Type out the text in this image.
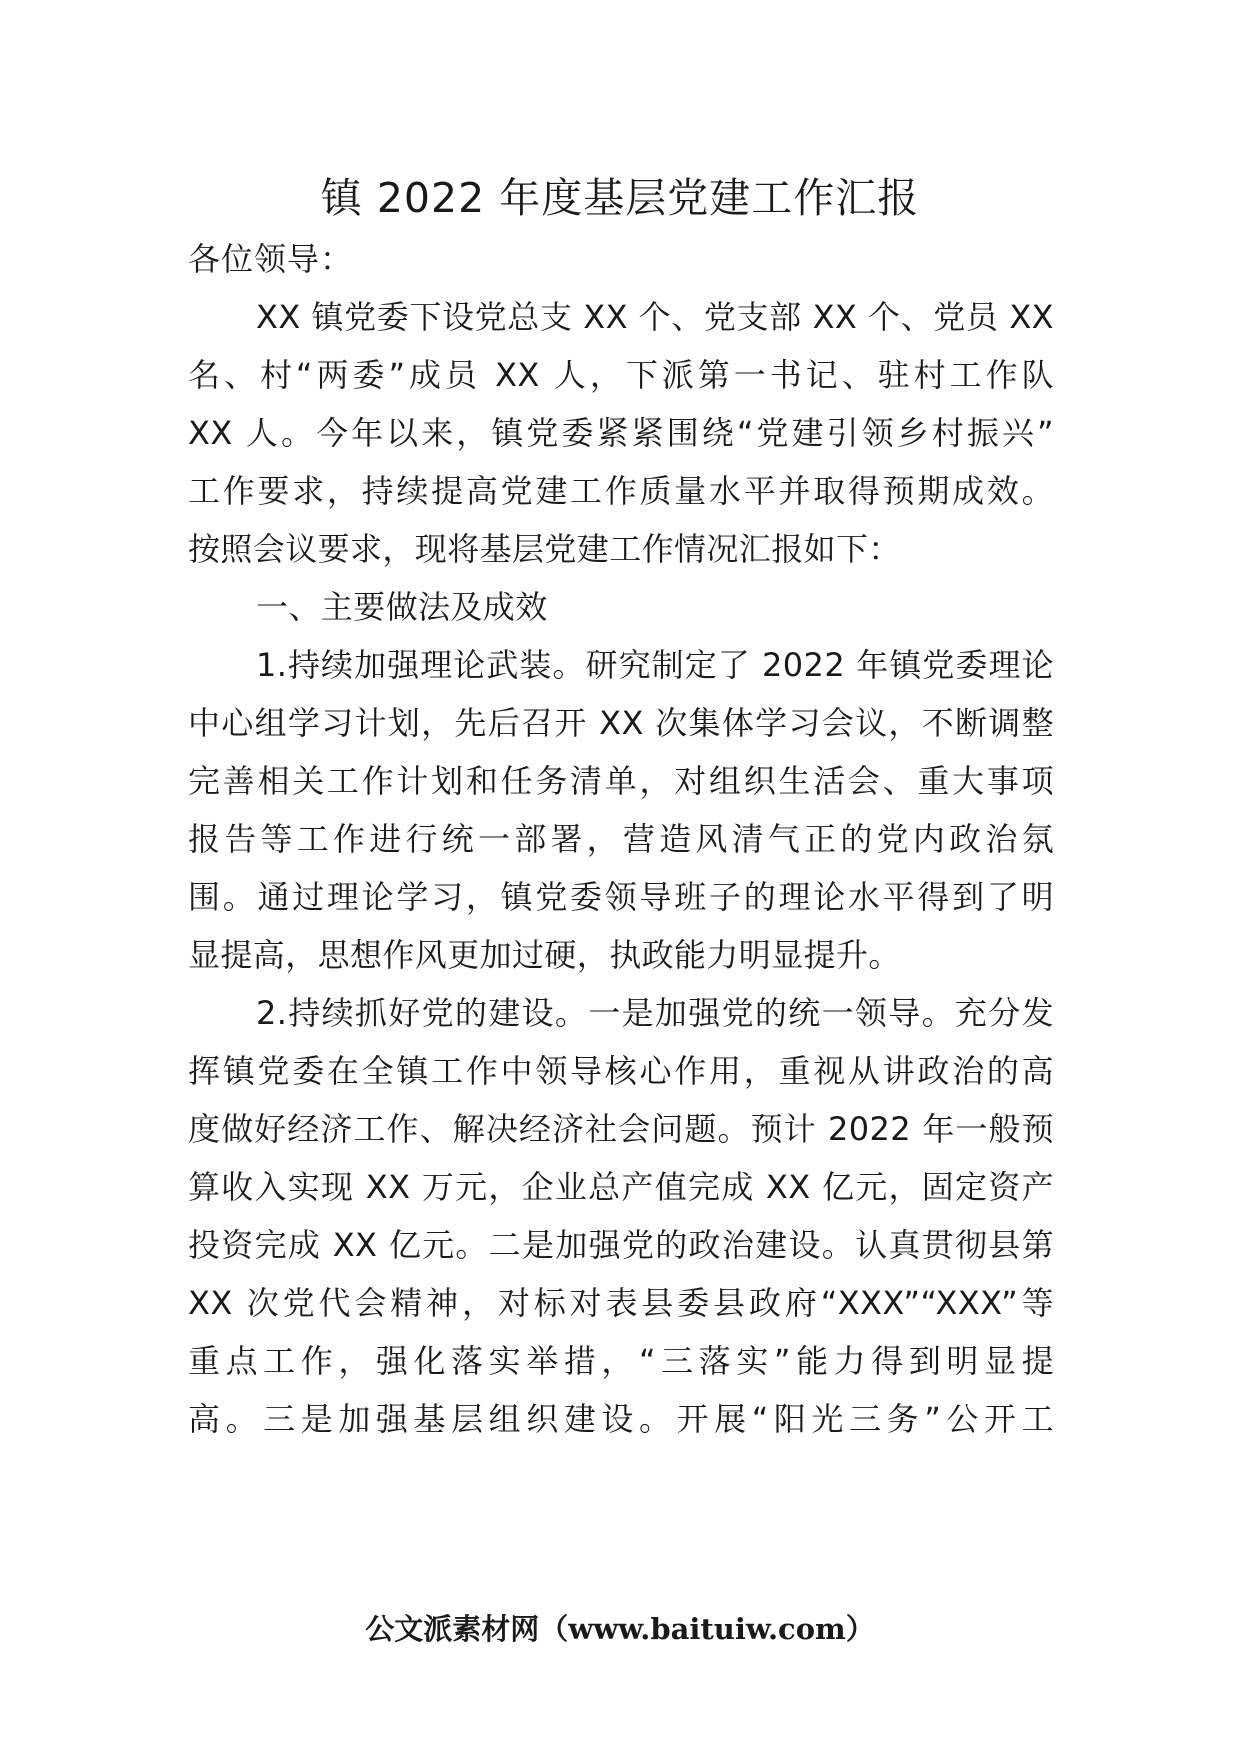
镇 2022 年度基层党建工作汇报
各位领导：
XX 镇党委下设党总支 XX 个、党支部 XX 个、党员 XX
名、村“两委”成员 XX 人，下派第一书记、驻村工作队
XX 人。今年以来，镇党委紧紧围绕“党建引领乡村振兴”
工作要求，持续提高党建工作质量水平并取得预期成效。
按照会议要求，现将基层党建工作情况汇报如下：
一、主要做法及成效
1.持续加强理论武装。研究制定了 2022 年镇党委理论
中心组学习计划，先后召开 XX 次集体学习会议，不断调整
完善相关工作计划和任务清单，对组织生活会、重大事项
报告等工作进行统一部署，营造风清气正的党内政治氛
围。通过理论学习，镇党委领导班子的理论水平得到了明
显提高，思想作风更加过硬，执政能力明显提升。
2.持续抓好党的建设。一是加强党的统一领导。充分发
挥镇党委在全镇工作中领导核心作用，重视从讲政治的高
度做好经济工作、解决经济社会问题。预计 2022 年一般预
算收入实现 XX 万元，企业总产值完成 XX 亿元，固定资产
投资完成 XX 亿元。二是加强党的政治建设。认真贯彻县第
XX 次党代会精神，对标对表县委县政府“XXX”“XXX”等
重点工作，强化落实举措，“三落实”能力得到明显提
高。三是加强基层组织建设。开展“阳光三务”公开工
公文派素材网（www.baituiw.com）
